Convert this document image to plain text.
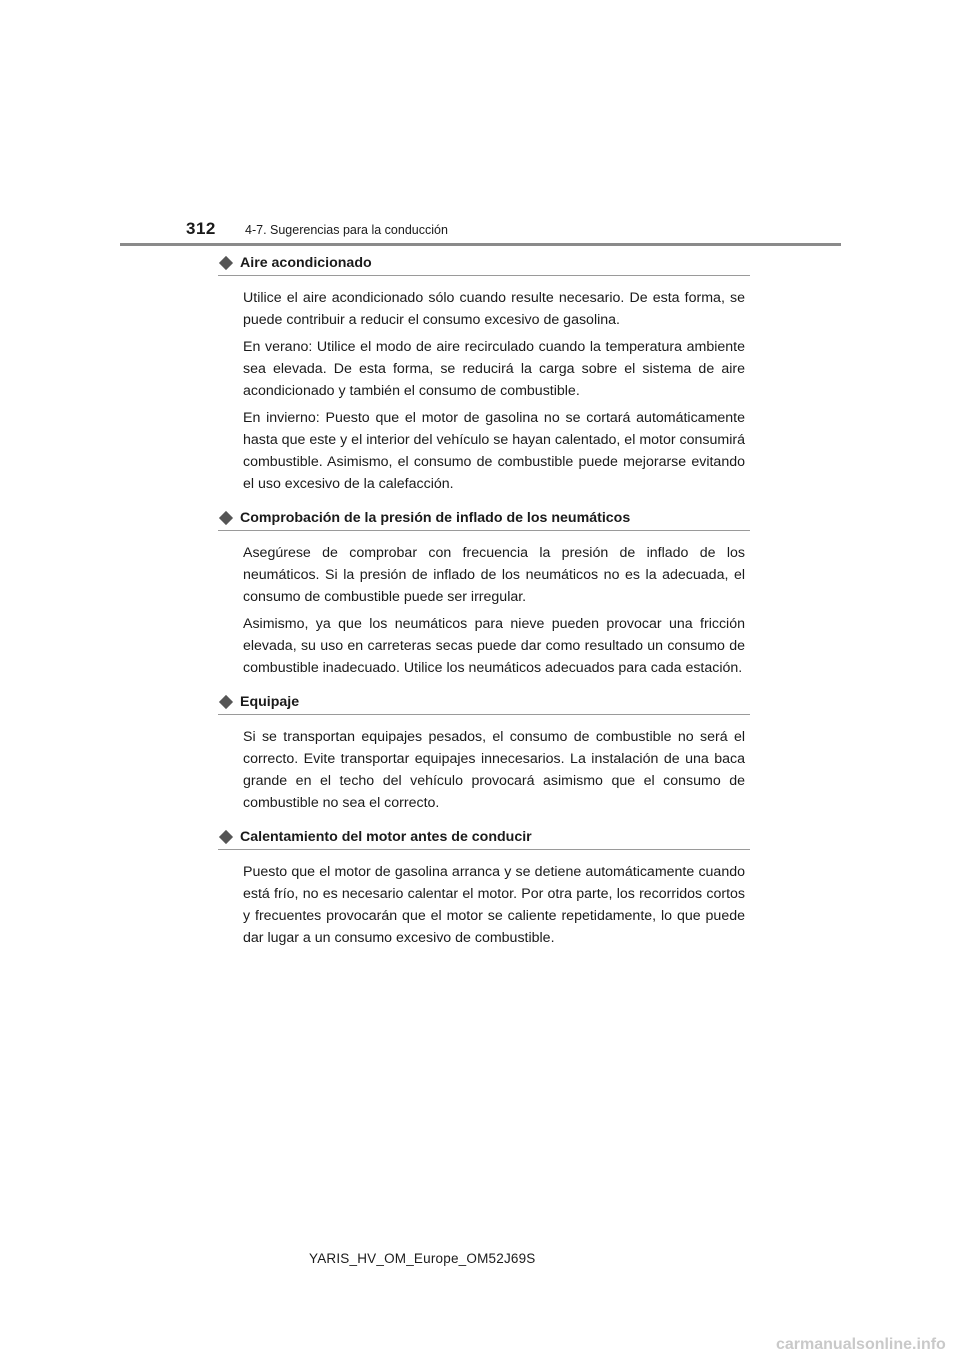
312 4-7. Sugerencias para la conducción
Aire acondicionado

Utilice el aire acondicionado sólo cuando resulte necesario. De esta forma, se puede contribuir a reducir el consumo excesivo de gasolina.

En verano: Utilice el modo de aire recirculado cuando la temperatura ambiente sea elevada. De esta forma, se reducirá la carga sobre el sistema de aire acondicionado y también el consumo de combustible.

En invierno: Puesto que el motor de gasolina no se cortará automáticamente hasta que este y el interior del vehículo se hayan calentado, el motor consumirá combustible. Asimismo, el consumo de combustible puede mejorarse evitando el uso excesivo de la calefacción.

Comprobación de la presión de inflado de los neumáticos

Asegúrese de comprobar con frecuencia la presión de inflado de los neumáticos. Si la presión de inflado de los neumáticos no es la adecuada, el consumo de combustible puede ser irregular.

Asimismo, ya que los neumáticos para nieve pueden provocar una fricción elevada, su uso en carreteras secas puede dar como resultado un consumo de combustible inadecuado. Utilice los neumáticos adecuados para cada estación.

Equipaje

Si se transportan equipajes pesados, el consumo de combustible no será el correcto. Evite transportar equipajes innecesarios. La instalación de una baca grande en el techo del vehículo provocará asimismo que el consumo de combustible no sea el correcto.

Calentamiento del motor antes de conducir

Puesto que el motor de gasolina arranca y se detiene automáticamente cuando está frío, no es necesario calentar el motor. Por otra parte, los recorridos cortos y frecuentes provocarán que el motor se caliente repetidamente, lo que puede dar lugar a un consumo excesivo de combustible.

YARIS_HV_OM_Europe_OM52J69S
carmanualsonline.info
